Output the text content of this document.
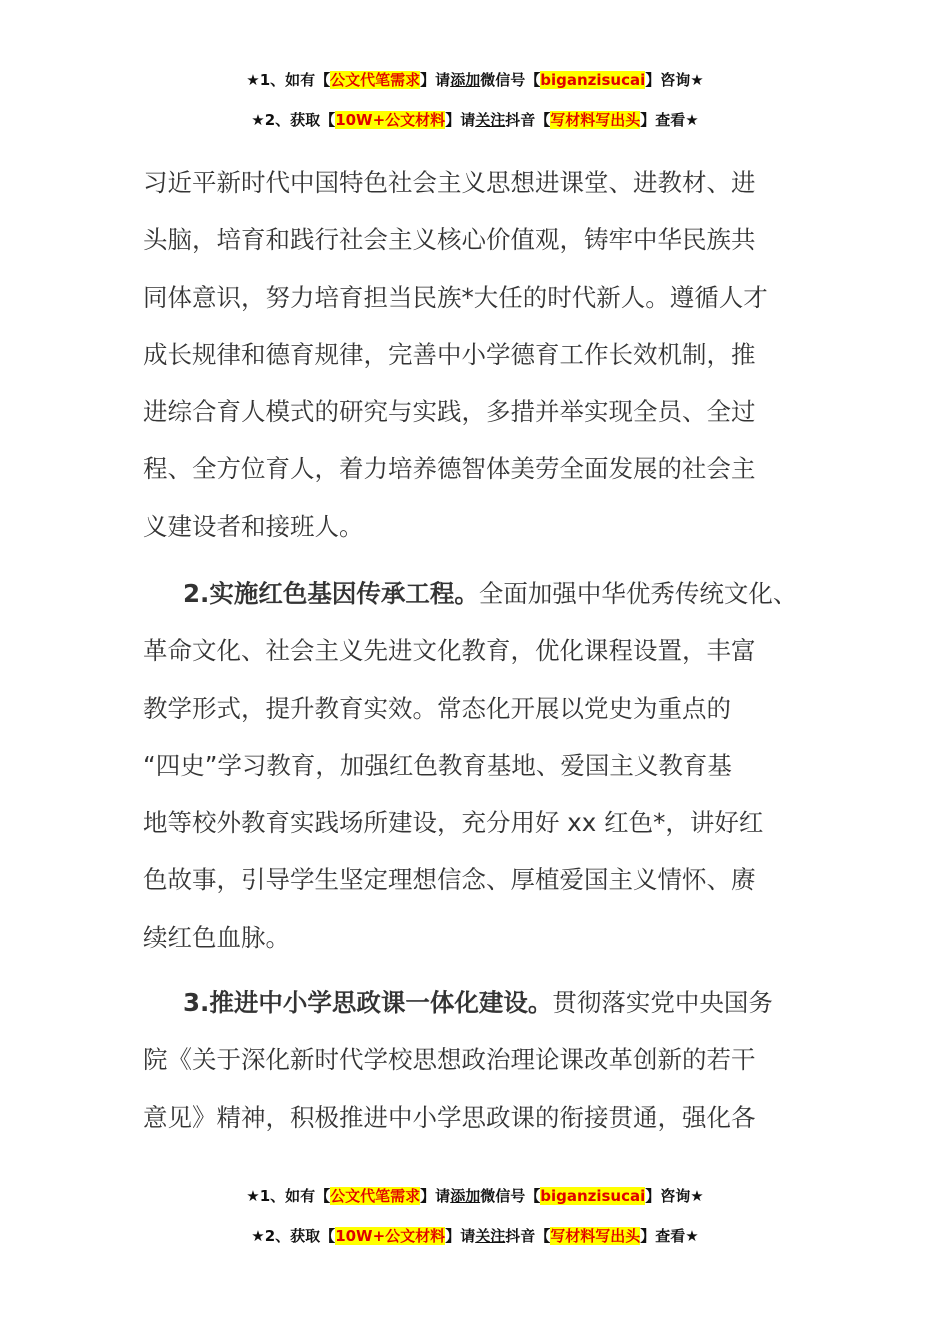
★1、如有【公文代笔需求】请添加微信号【biganzisucai】咨询★
★2、获取【10W+公文材料】请关注抖音【写材料写出头】查看★
习近平新时代中国特色社会主义思想进课堂、进教材、进
头脑，培育和践行社会主义核心价值观，铸牢中华民族共
同体意识，努力培育担当民族*大任的时代新人。遵循人才
成长规律和德育规律，完善中小学德育工作长效机制，推
进综合育人模式的研究与实践，多措并举实现全员、全过
程、全方位育人，着力培养德智体美劳全面发展的社会主
义建设者和接班人。
2.实施红色基因传承工程。全面加强中华优秀传统文化、
革命文化、社会主义先进文化教育，优化课程设置，丰富
教学形式，提升教育实效。常态化开展以党史为重点的
“四史”学习教育，加强红色教育基地、爱国主义教育基
地等校外教育实践场所建设，充分用好 xx 红色*，讲好红
色故事，引导学生坚定理想信念、厚植爱国主义情怀、赓
续红色血脉。
3.推进中小学思政课一体化建设。贯彻落实党中央国务
院《关于深化新时代学校思想政治理论课改革创新的若干
意见》精神，积极推进中小学思政课的衔接贯通，强化各
★1、如有【公文代笔需求】请添加微信号【biganzisucai】咨询★
★2、获取【10W+公文材料】请关注抖音【写材料写出头】查看★
